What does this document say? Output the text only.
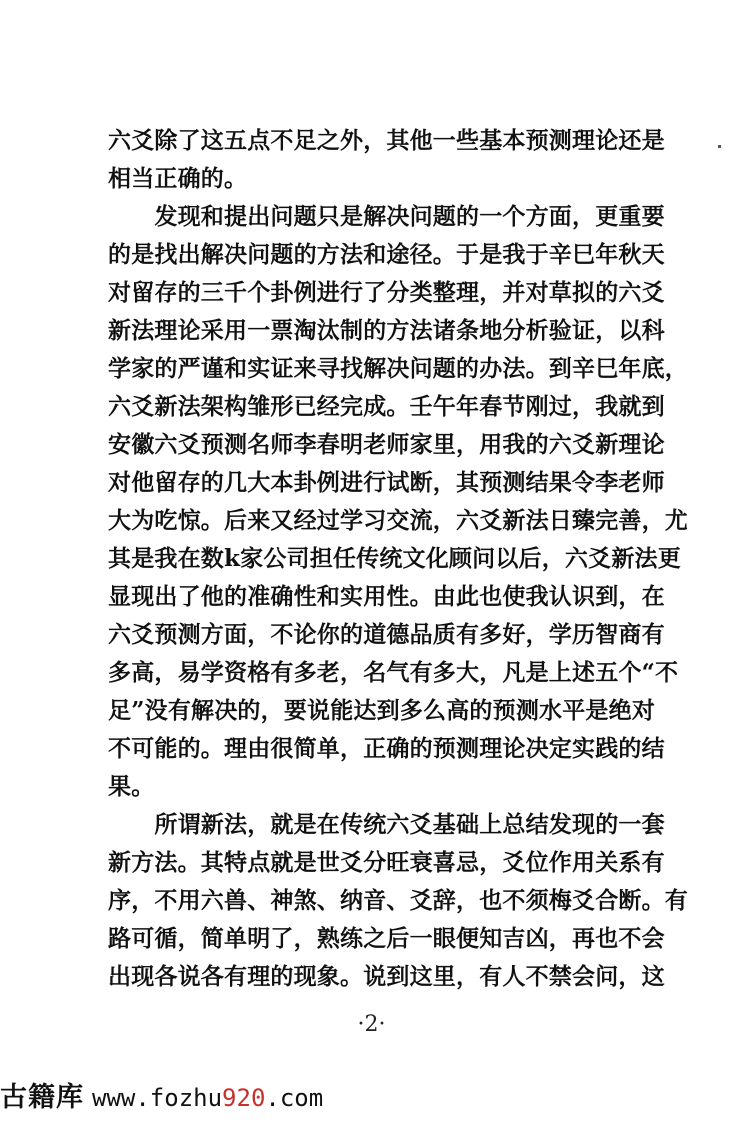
六爻除了这五点不足之外，其他一些基本预测理论还是
相当正确的。
　　发现和提出问题只是解决问题的一个方面，更重要
的是找出解决问题的方法和途径。于是我于辛巳年秋天
对留存的三千个卦例进行了分类整理，并对草拟的六爻
新法理论采用一票淘汰制的方法诸条地分析验证，以科
学家的严谨和实证来寻找解决问题的办法。到辛巳年底，
六爻新法架构雏形已经完成。壬午年春节刚过，我就到
安徽六爻预测名师李春明老师家里，用我的六爻新理论
对他留存的几大本卦例进行试断，其预测结果令李老师
大为吃惊。后来又经过学习交流，六爻新法日臻完善，尤
其是我在数k家公司担任传统文化顾问以后，六爻新法更
显现出了他的准确性和实用性。由此也使我认识到，在
六爻预测方面，不论你的道德品质有多好，学历智商有
多高，易学资格有多老，名气有多大，凡是上述五个“不
足”没有解决的，要说能达到多么高的预测水平是绝对
不可能的。理由很简单，正确的预测理论决定实践的结
果。
　　所谓新法，就是在传统六爻基础上总结发现的一套
新方法。其特点就是世爻分旺衰喜忌，爻位作用关系有
序，不用六兽、神煞、纳音、爻辞，也不须梅爻合断。有
路可循，简单明了，熟练之后一眼便知吉凶，再也不会
出现各说各有理的现象。说到这里，有人不禁会问，这
·2·
古籍库 www.fozhu920.com
